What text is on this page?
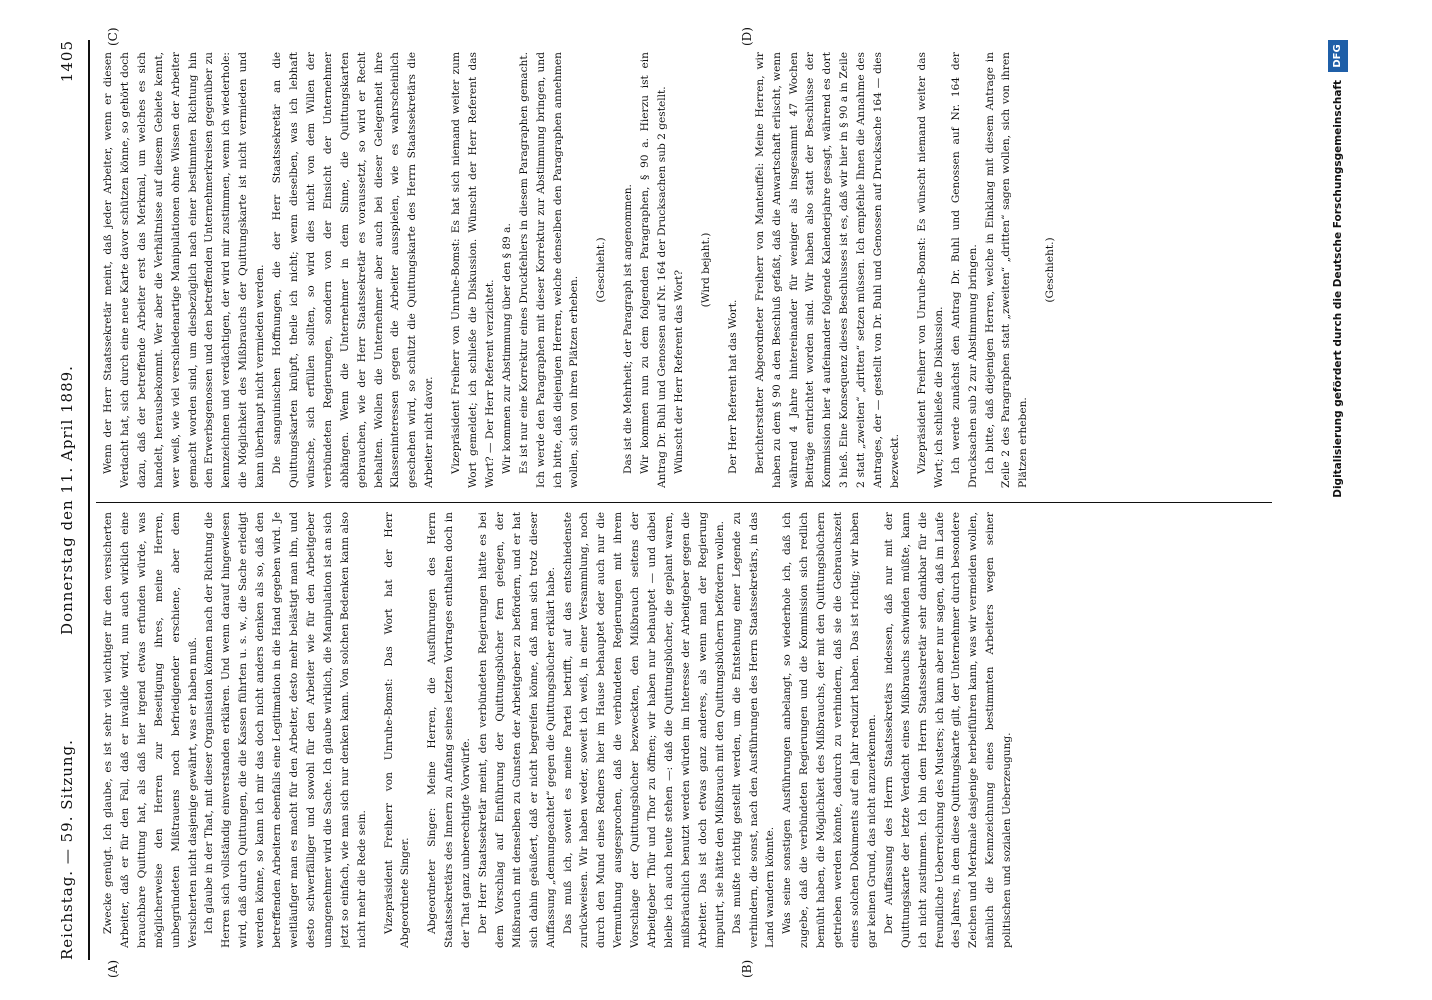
Reichstag. — 59. Sitzung.
Donnerstag den 11. April 1889.
1405
(A)	(B)
(C)	(D)

Zwecke genügt. Ich glaube, es ist sehr viel wichtiger für den versicherten Arbeiter, daß er für den Fall, daß er invalide wird, nun auch wirklich eine brauchbare Quittung hat, als daß hier irgend etwas erfunden würde, was möglicherweise den Herren zur Beseitigung ihres, meine Herren, unbegründeten Mißtrauens noch befriedigender erschiene, aber dem Versicherten nicht dasjenige gewährt, was er haben muß. Ich glaube in der That, mit dieser Organisation können nach der Richtung die Herren sich vollständig einverstanden erklären. Und wenn darauf hingewiesen wird, daß durch Quittungen, die die Kassen führten u. s. w., die Sache erledigt werden könne, so kann ich mir das doch nicht anders denken als so, daß den betreffenden Arbeitern ebenfalls eine Legitimation in die Hand gegeben wird. Je weitläufiger man es macht für den Arbeiter, desto mehr belästigt man ihn, und desto schwerfälliger und sowohl für den Arbeiter wie für den Arbeitgeber unangenehmer wird die Sache. Ich glaube wirklich, die Manipulation ist an sich jetzt so einfach, wie man sich nur denken kann. Von solchen Bedenken kann also nicht mehr die Rede sein. Vizepräsident Freiherr von Unruhe-Bomst: Das Wort hat der Herr Abgeordnete Singer. Abgeordneter Singer: Meine Herren, die Ausführungen des Herrn Staatssekretärs des Innern zu Anfang seines letzten Vortrages enthalten doch in der That ganz unberechtigte Vorwürfe. Der Herr Staatssekretär meint, den verbündeten Regierungen hätte es bei dem Vorschlag auf Einführung der Quittungsbücher fern gelegen, der Mißbrauch mit denselben zu Gunsten der Arbeitgeber zu befördern, und er hat sich dahin geäußert, daß er nicht begreifen könne, daß man sich trotz dieser Auffassung „demungeachtet“ gegen die Quittungsbücher erklärt habe. Das muß ich, soweit es meine Partei betrifft, auf das entschiedenste zurückweisen. Wir haben weder, soweit ich weiß, in einer Versammlung, noch durch den Mund eines Redners hier im Hause behauptet oder auch nur die Vermuthung ausgesprochen, daß die verbündeten Regierungen mit ihrem Vorschlage der Quittungsbücher bezweckten, den Mißbrauch seitens der Arbeitgeber Thür und Thor zu öffnen; wir haben nur behauptet — und dabei bleibe ich auch heute stehen —: daß die Quittungsbücher, die geplant waren, mißbräuchlich benutzt werden würden im Interesse der Arbeitgeber gegen die Arbeiter. Das ist doch etwas ganz anderes, als wenn man der Regierung imputirt, sie hätte den Mißbrauch mit den Quittungsbüchern befördern wollen. Das mußte richtig gestellt werden, um die Entstehung einer Legende zu verhindern, die sonst, nach den Ausführungen des Herrn Staatssekretärs, in das Land wandern könnte. Was seine sonstigen Ausführungen anbelangt, so wiederhole ich, daß ich zugebe, daß die verbündeten Regierungen und die Kommission sich redlich bemüht haben, die Möglichkeit des Mißbrauchs, der mit den Quittungsbüchern getrieben werden könnte, dadurch zu verhindern, daß sie die Gebrauchszeit eines solchen Dokuments auf ein Jahr reduzirt haben. Das ist richtig; wir haben gar keinen Grund, das nicht anzuerkennen. Der Auffassung des Herrn Staatssekretärs indessen, daß nur mit der Quittungskarte der letzte Verdacht eines Mißbrauchs schwinden müßte, kann ich nicht zustimmen. Ich bin dem Herrn Staatssekretär sehr dankbar für die freundliche Ueberreichung des Musters; ich kann aber nur sagen, daß im Laufe des Jahres, in dem diese Quittungskarte gilt, der Unternehmer durch besondere Zeichen und Merkmale dasjenige herbeiführen kann, was wir vermeiden wollen, nämlich die Kennzeichnung eines bestimmten Arbeiters wegen seiner politischen und sozialen Ueberzeugung.

Wenn der Herr Staatssekretär meint, daß jeder Arbeiter, wenn er diesen Verdacht hat, sich durch eine neue Karte davor schützen könne, so gehört doch dazu, daß der betreffende Arbeiter erst das Merkmal, um welches es sich handelt, herausbekommt. Wer aber die Verhältnisse auf diesem Gebiete kennt, wer weiß, wie viel verschiedenartige Manipulationen ohne Wissen der Arbeiter gemacht worden sind, um diesbezüglich nach einer bestimmten Richtung hin den Erwerbsgenossen und den betreffenden Unternehmerkreisen gegenüber zu kennzeichnen und verdächtigen, der wird mir zustimmen, wenn ich wiederhole: die Möglichkeit des Mißbrauchs der Quittungskarte ist nicht vermieden und kann überhaupt nicht vermieden werden. Die sanguinischen Hoffnungen, die der Herr Staatssekretär an die Quittungskarten knüpft, theile ich nicht; wenn dieselben, was ich lebhaft wünsche, sich erfüllen sollten, so wird dies nicht von dem Willen der verbündeten Regierungen, sondern von der Einsicht der Unternehmer abhängen. Wenn die Unternehmer in dem Sinne, die Quittungskarten gebrauchen, wie der Herr Staatssekretär es voraussetzt, so wird er Recht behalten. Wollen die Unternehmer aber auch bei dieser Gelegenheit ihre Klasseninteressen gegen die Arbeiter ausspielen, wie es wahrscheinlich geschehen wird, so schützt die Quittungskarte des Herrn Staatssekretärs die Arbeiter nicht davor. Vizepräsident Freiherr von Unruhe-Bomst: Es hat sich niemand weiter zum Wort gemeldet; ich schließe die Diskussion. Wünscht der Herr Referent das Wort? — Der Herr Referent verzichtet. Wir kommen zur Abstimmung über den § 89 a. Es ist nur eine Korrektur eines Druckfehlers in diesem Paragraphen gemacht. Ich werde den Paragraphen mit dieser Korrektur zur Abstimmung bringen, und ich bitte, daß diejenigen Herren, welche denselben den Paragraphen annehmen wollen, sich von ihren Plätzen erheben.

(Geschieht.) Das ist die Mehrheit; der Paragraph ist angenommen. Wir kommen nun zu dem folgenden Paragraphen, § 90 a. Hierzu ist ein Antrag Dr. Buhl und Genossen auf Nr. 164 der Drucksachen sub 2 gestellt. Wünscht der Herr Referent das Wort? (Wird bejaht.)

Der Herr Referent hat das Wort. Berichterstatter Abgeordneter Freiherr von Manteuffel: Meine Herren, wir haben zu dem § 90 a den Beschluß gefaßt, daß die Anwartschaft erlischt, wenn während 4 Jahre hintereinander für weniger als insgesammt 47 Wochen Beiträge entrichtet worden sind. Wir haben also statt der Beschlüsse der Kommission hier 4 aufeinander folgende Kalenderjahre gesagt, während es dort 3 hieß. Eine Konsequenz dieses Beschlusses ist es, daß wir hier in § 90 a in Zeile 2 statt „zweiten“ „dritten“ setzen müssen. Ich empfehle Ihnen die Annahme des Antrages, der — gestellt von Dr. Buhl und Genossen auf Drucksache 164 — dies bezweckt. Vizepräsident Freiherr von Unruhe-Bomst: Es wünscht niemand weiter das Wort; ich schließe die Diskussion. Ich werde zunächst den Antrag Dr. Buhl und Genossen auf Nr. 164 der Drucksachen sub 2 zur Abstimmung bringen. Ich bitte, daß diejenigen Herren, welche in Einklang mit diesem Antrage in Zeile 2 des Paragraphen statt „zweiten“ „dritten“ sagen wollen, sich von ihren Plätzen erheben.

(Geschieht.)	Digitalisierung gefördert durch die Deutsche Forschungsgemeinschaft
DFG
